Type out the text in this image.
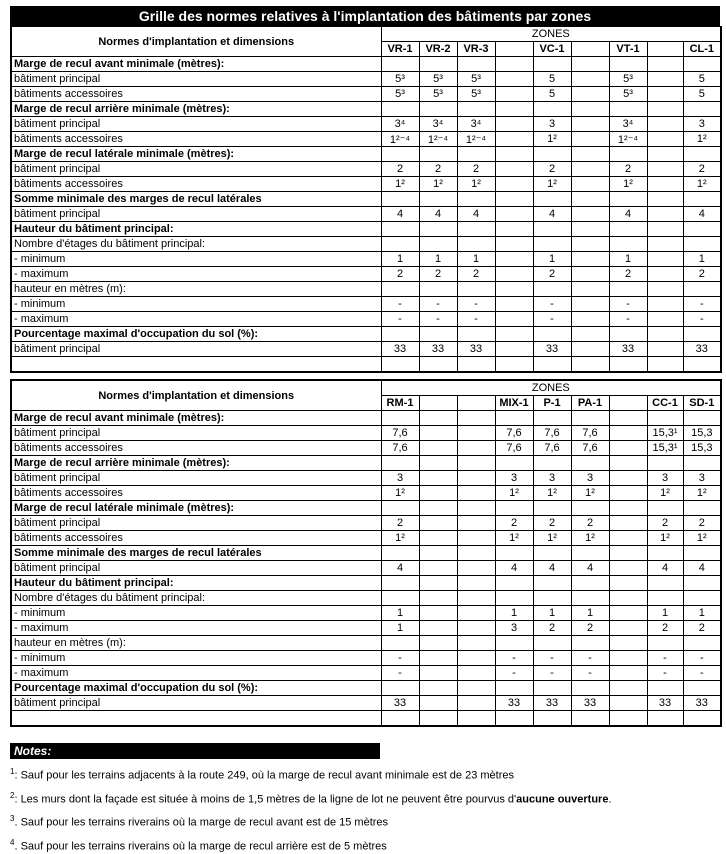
Grille des normes relatives à l'implantation des bâtiments par zones
Normes d'implantation et dimensions	ZONES								
	VR-1	VR-2	VR-3		VC-1		VT-1		CL-1
Marge de recul avant minimale (mètres):									
bâtiment principal	5³	5³	5³		5		5³		5
bâtiments accessoires	5³	5³	5³		5		5³		5
Marge de recul arrière minimale (mètres):									
bâtiment principal	3⁴	3⁴	3⁴		3		3⁴		3
bâtiments accessoires	1²⁻⁴	1²⁻⁴	1²⁻⁴		1²		1²⁻⁴		1²
Marge de recul latérale minimale (mètres):									
bâtiment principal	2	2	2		2		2		2
bâtiments accessoires	1²	1²	1²		1²		1²		1²
Somme minimale des marges de recul latérales									
bâtiment principal	4	4	4		4		4		4
Hauteur du bâtiment principal:									
Nombre d'étages du bâtiment principal:									
- minimum	1	1	1		1		1		1
- maximum	2	2	2		2		2		2
hauteur en mètres (m):									
- minimum	-	-	-		-		-		-
- maximum	-	-	-		-		-		-
Pourcentage maximal d'occupation du sol (%):									
bâtiment principal	33	33	33		33		33		33

Normes d'implantation et dimensions	ZONES								
	RM-1			MIX-1	P-1	PA-1		CC-1	SD-1
Marge de recul avant minimale (mètres):									
bâtiment principal	7,6			7,6	7,6	7,6		15,3¹	15,3
bâtiments accessoires	7,6			7,6	7,6	7,6		15,3¹	15,3
Marge de recul arrière minimale (mètres):									
bâtiment principal	3			3	3	3		3	3
bâtiments accessoires	1²			1²	1²	1²		1²	1²
Marge de recul latérale minimale (mètres):									
bâtiment principal	2			2	2	2		2	2
bâtiments accessoires	1²			1²	1²	1²		1²	1²
Somme minimale des marges de recul latérales									
bâtiment principal	4			4	4	4		4	4
Hauteur du bâtiment principal:									
Nombre d'étages du bâtiment principal:									
- minimum	1			1	1	1		1	1
- maximum	1			3	2	2		2	2
hauteur en mètres (m):									
- minimum	-			-	-	-		-	-
- maximum	-			-	-	-		-	-
Pourcentage maximal d'occupation du sol (%):									
bâtiment principal	33			33	33	33		33	33

Notes:
$^1$: Sauf pour les terrains adjacents à la route 249, où la marge de recul avant minimale est de 23 mètres
$^2$: Les murs dont la façade est située à moins de 1,5 mètres de la ligne de lot ne peuvent être pourvus d'aucune ouverture.
$^3$. Sauf pour les terrains riverains où la marge de recul avant est de 15 mètres
$^4$. Sauf pour les terrains riverains où la marge de recul arrière est de 5 mètres
